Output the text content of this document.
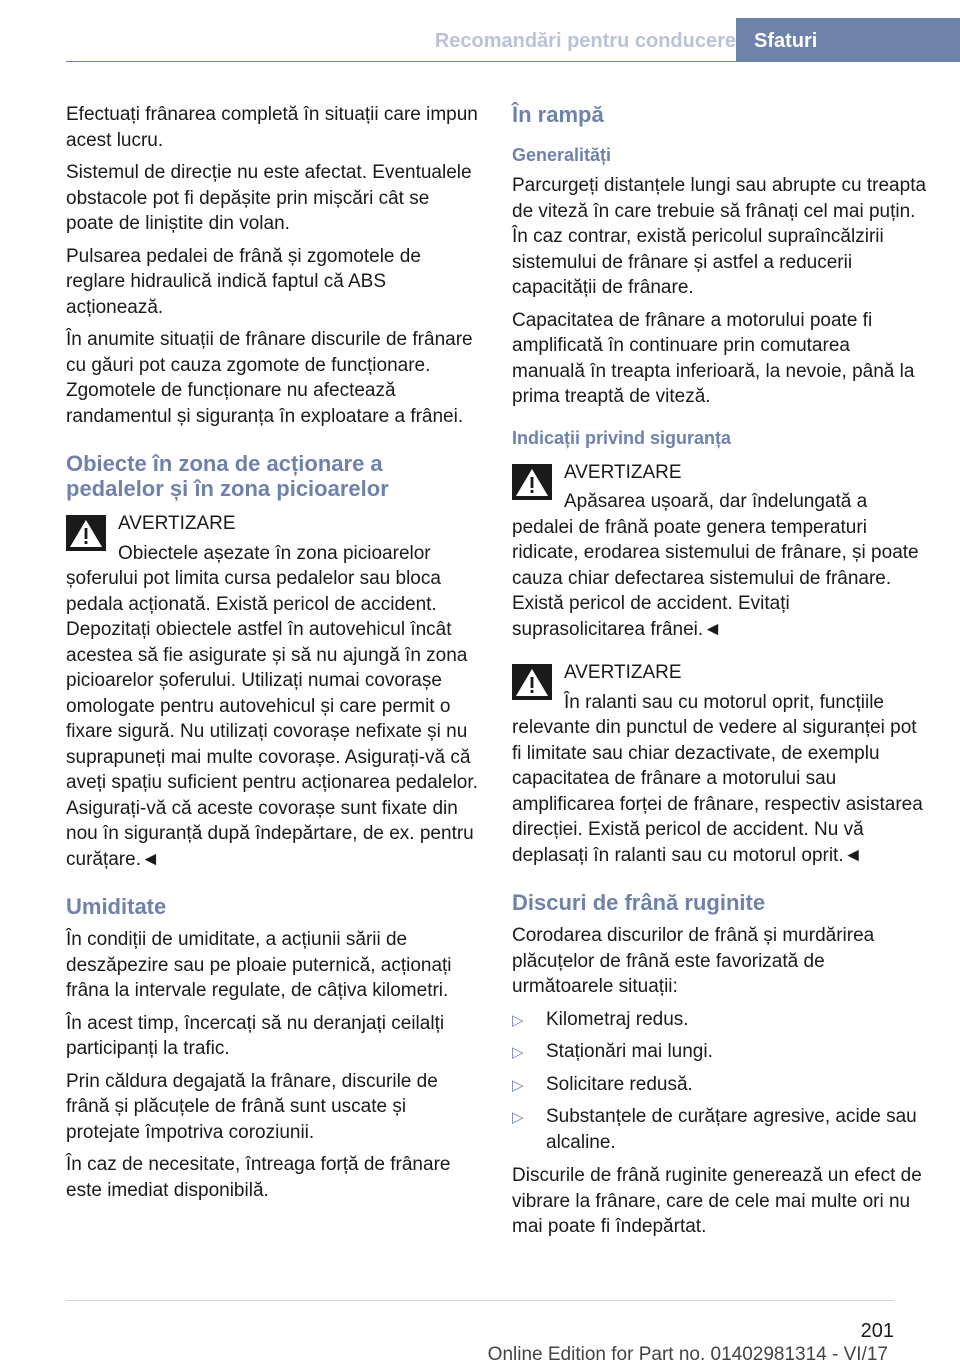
Recomandări pentru conducere Sfaturi

Efectuați frânarea completă în situații care impun acest lucru.

Sistemul de direcție nu este afectat. Eventualele obstacole pot fi depășite prin mișcări cât se poate de liniștite din volan.

Pulsarea pedalei de frână și zgomotele de reglare hidraulică indică faptul că ABS acționează.

În anumite situații de frânare discurile de frânare cu găuri pot cauza zgomote de funcționare. Zgomotele de funcționare nu afectează randamentul și siguranța în exploatare a frânei.

Obiecte în zona de acționare a pedalelor și în zona picioarelor
AVERTIZARE
Obiectele așezate în zona picioarelor șoferului pot limita cursa pedalelor sau bloca pedala acționată. Există pericol de accident. Depozitați obiectele astfel în autovehicul încât acestea să fie asigurate și să nu ajungă în zona picioarelor șoferului. Utilizați numai covorașe omologate pentru autovehicul și care permit o fixare sigură. Nu utilizați covorașe nefixate și nu suprapuneți mai multe covorașe. Asigurați-vă că aveți spațiu suficient pentru acționarea pedalelor. Asigurați-vă că aceste covorașe sunt fixate din nou în siguranță după îndepărtare, de ex. pentru curățare.◄
Umiditate

În condiții de umiditate, a acțiunii sării de deszăpezire sau pe ploaie puternică, acționați frâna la intervale regulate, de câțiva kilometri.

În acest timp, încercați să nu deranjați ceilalți participanți la trafic.

Prin căldura degajată la frânare, discurile de frână și plăcuțele de frână sunt uscate și protejate împotriva coroziunii.

În caz de necesitate, întreaga forță de frânare este imediat disponibilă.

În rampă
Generalități

Parcurgeți distanțele lungi sau abrupte cu treapta de viteză în care trebuie să frânați cel mai puțin. În caz contrar, există pericolul supraîncălzirii sistemului de frânare și astfel a reducerii capacității de frânare.

Capacitatea de frânare a motorului poate fi amplificată în continuare prin comutarea manuală în treapta inferioară, la nevoie, până la prima treaptă de viteză.

Indicații privind siguranța
AVERTIZARE
Apăsarea ușoară, dar îndelungată a pedalei de frână poate genera temperaturi ridicate, erodarea sistemului de frânare, și poate cauza chiar defectarea sistemului de frânare. Există pericol de accident. Evitați suprasolicitarea frânei.◄
AVERTIZARE
În ralanti sau cu motorul oprit, funcțiile relevante din punctul de vedere al siguranței pot fi limitate sau chiar dezactivate, de exemplu capacitatea de frânare a motorului sau amplificarea forței de frânare, respectiv asistarea direcției. Există pericol de accident. Nu vă deplasați în ralanti sau cu motorul oprit.◄
Discuri de frână ruginite

Corodarea discurilor de frână și murdărirea plăcuțelor de frână este favorizată de următoarele situații:

▷ Kilometraj redus.
▷ Staționări mai lungi.
▷ Solicitare redusă.
▷ Substanțele de curățare agresive, acide sau alcaline.

Discurile de frână ruginite generează un efect de vibrare la frânare, care de cele mai multe ori nu mai poate fi îndepărtat.

201
Online Edition for Part no. 01402981314 - VI/17
